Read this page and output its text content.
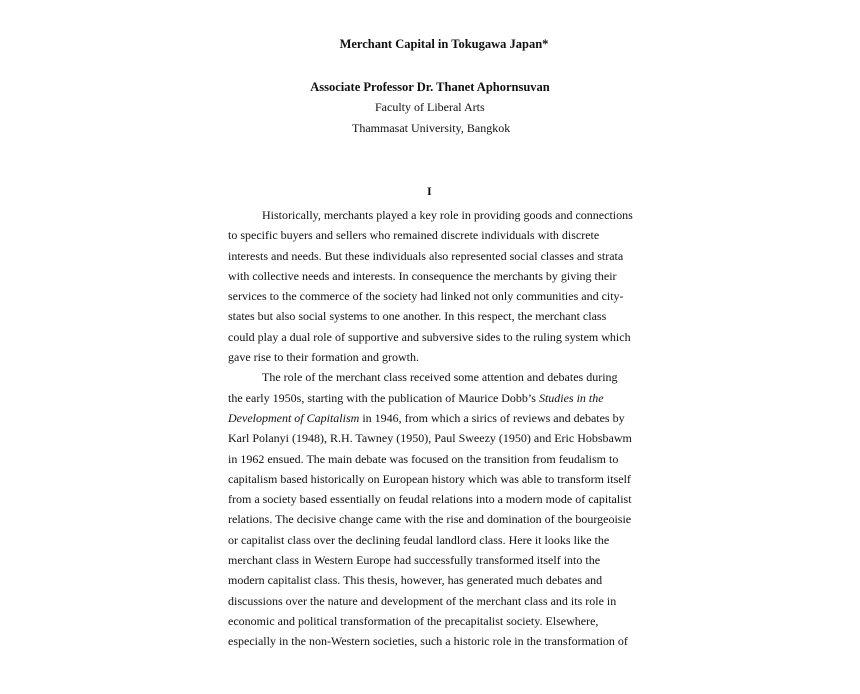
Merchant Capital in Tokugawa Japan*
Associate Professor Dr. Thanet Aphornsuvan
Faculty of Liberal Arts
Thammasat University, Bangkok
I
Historically, merchants played a key role in providing goods and connections
to specific buyers and sellers who remained discrete individuals with discrete
interests and needs. But these individuals also represented social classes and strata
with collective needs and interests. In consequence the merchants by giving their
services to the commerce of the society had linked not only communities and city-
states but also social systems to one another. In this respect, the merchant class
could play a dual role of supportive and subversive sides to the ruling system which
gave rise to their formation and growth.
The role of the merchant class received some attention and debates during
the early 1950s, starting with the publication of Maurice Dobb’s Studies in the
Development of Capitalism in 1946, from which a sirics of reviews and debates by
Karl Polanyi (1948), R.H. Tawney (1950), Paul Sweezy (1950) and Eric Hobsbawm
in 1962 ensued. The main debate was focused on the transition from feudalism to
capitalism based historically on European history which was able to transform itself
from a society based essentially on feudal relations into a modern mode of capitalist
relations. The decisive change came with the rise and domination of the bourgeoisie
or capitalist class over the declining feudal landlord class. Here it looks like the
merchant class in Western Europe had successfully transformed itself into the
modern capitalist class. This thesis, however, has generated much debates and
discussions over the nature and development of the merchant class and its role in
economic and political transformation of the precapitalist society. Elsewhere,
especially in the non-Western societies, such a historic role in the transformation of
